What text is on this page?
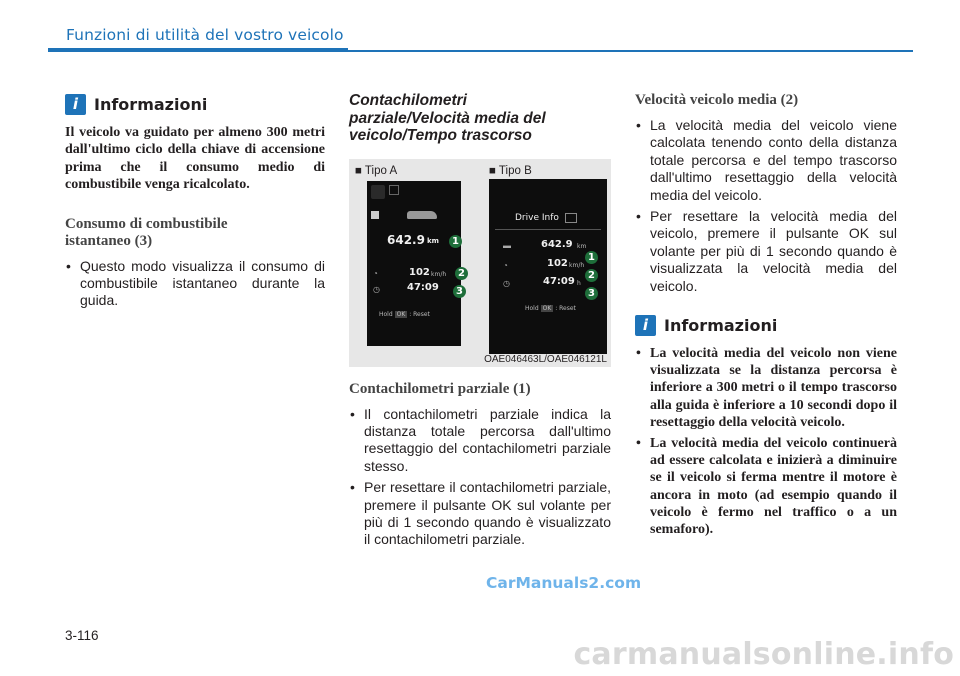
Funzioni di utilità del vostro veicolo
i Informazioni

Il veicolo va guidato per almeno 300 metri dall'ultimo ciclo della chiave di accensione prima che il consumo medio di combustibile venga ricalcolato.

Consumo di combustibile
istantaneo (3)
• Questo modo visualizza il consumo di combustibile istantaneo durante la guida.
Contachilometri
parziale/Velocità media del
veicolo/Tempo trascorso
■ Tipo A	■ Tipo B
642.9 km
◔	102 km/h
◷	47:09
Hold OK : Reset
1
2
3
Drive Info
▬	642.9 km
◔	102 km/h
◷	47:09 h
Hold OK : Reset
1
2
3
OAE046463L/OAE046121L
Contachilometri parziale (1)
• Il contachilometri parziale indica la distanza totale percorsa dall'ultimo resettaggio del contachilometri parziale stesso.
• Per resettare il contachilometri parziale, premere il pulsante OK sul volante per più di 1 secondo quando è visualizzato il contachilometri parziale.
Velocità veicolo media (2)
• La velocità media del veicolo viene calcolata tenendo conto della distanza totale percorsa e del tempo trascorso dall'ultimo resettaggio della velocità media del veicolo.
• Per resettare la velocità media del veicolo, premere il pulsante OK sul volante per più di 1 secondo quando è visualizzata la velocità media del veicolo.
i Informazioni
• La velocità media del veicolo non viene visualizzata se la distanza percorsa è inferiore a 300 metri o il tempo trascorso alla guida è inferiore a 10 secondi dopo il resettaggio della velocità veicolo.
• La velocità media del veicolo continuerà ad essere calcolata e inizierà a diminuire se il veicolo si ferma mentre il motore è ancora in moto (ad esempio quando il veicolo è fermo nel traffico o a un semaforo).
3-116
CarManuals2.com
carmanualsonline.info
